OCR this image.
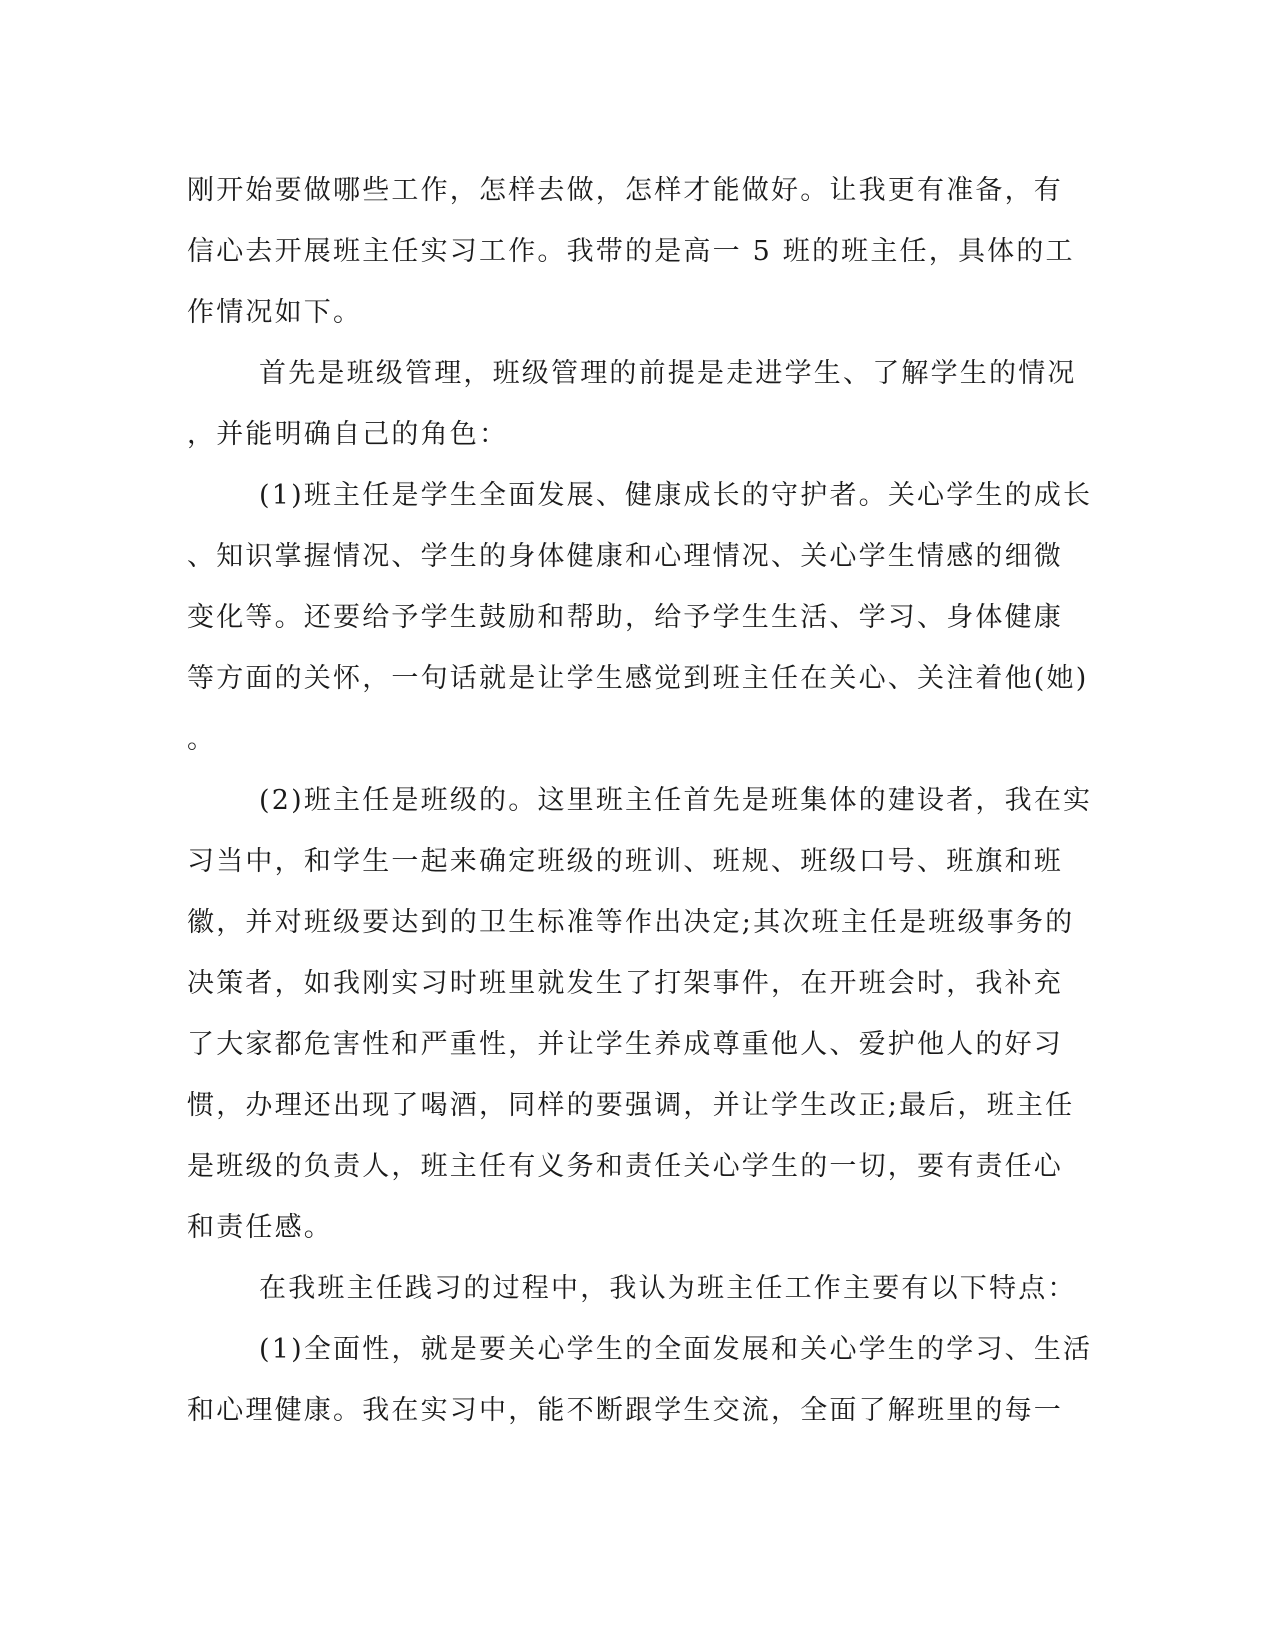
刚开始要做哪些工作，怎样去做，怎样才能做好。让我更有准备，有
信心去开展班主任实习工作。我带的是高一 5 班的班主任，具体的工
作情况如下。
首先是班级管理，班级管理的前提是走进学生、了解学生的情况
，并能明确自己的角色：
(1)班主任是学生全面发展、健康成长的守护者。关心学生的成长
、知识掌握情况、学生的身体健康和心理情况、关心学生情感的细微
变化等。还要给予学生鼓励和帮助，给予学生生活、学习、身体健康
等方面的关怀，一句话就是让学生感觉到班主任在关心、关注着他(她)
。
(2)班主任是班级的。这里班主任首先是班集体的建设者，我在实
习当中，和学生一起来确定班级的班训、班规、班级口号、班旗和班
徽，并对班级要达到的卫生标准等作出决定;其次班主任是班级事务的
决策者，如我刚实习时班里就发生了打架事件，在开班会时，我补充
了大家都危害性和严重性，并让学生养成尊重他人、爱护他人的好习
惯，办理还出现了喝酒，同样的要强调，并让学生改正;最后，班主任
是班级的负责人，班主任有义务和责任关心学生的一切，要有责任心
和责任感。
在我班主任践习的过程中，我认为班主任工作主要有以下特点：
(1)全面性，就是要关心学生的全面发展和关心学生的学习、生活
和心理健康。我在实习中，能不断跟学生交流，全面了解班里的每一
